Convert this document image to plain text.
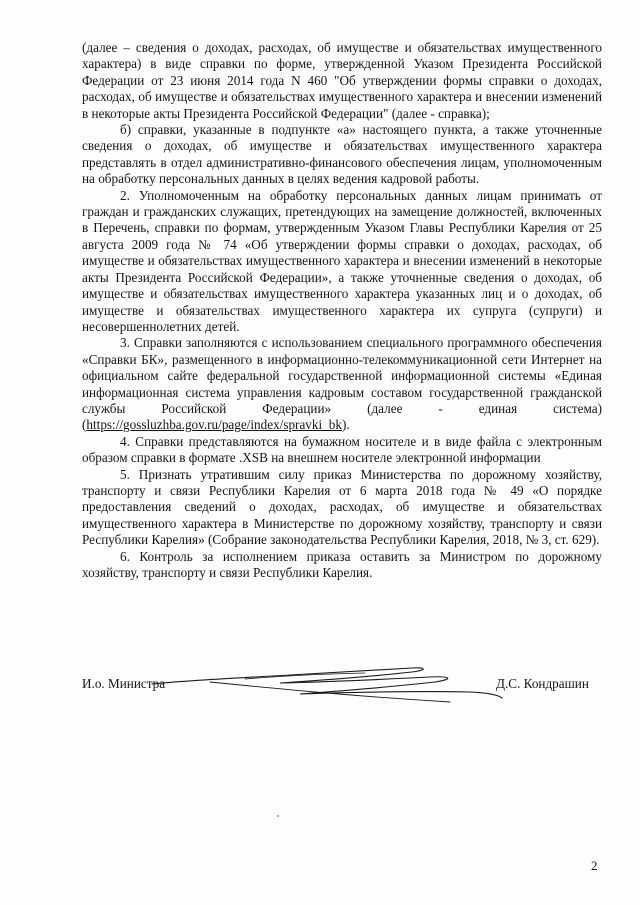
(далее – сведения о доходах, расходах, об имуществе и обязательствах имущественного характера) в виде справки по форме, утвержденной Указом Президента Российской Федерации от 23 июня 2014 года N 460 "Об утверждении формы справки о доходах, расходах, об имуществе и обязательствах имущественного характера и внесении изменений в некоторые акты Президента Российской Федерации" (далее - справка);

б) справки, указанные в подпункте «а» настоящего пункта, а также уточненные сведения о доходах, об имуществе и обязательствах имущественного характера представлять в отдел административно-финансового обеспечения лицам, уполномоченным на обработку персональных данных в целях ведения кадровой работы.

2. Уполномоченным на обработку персональных данных лицам принимать от граждан и гражданских служащих, претендующих на замещение должностей, включенных в Перечень, справки по формам, утвержденным Указом Главы Республики Карелия от 25 августа 2009 года № 74 «Об утверждении формы справки о доходах, расходах, об имуществе и обязательствах имущественного характера и внесении изменений в некоторые акты Президента Российской Федерации», а также уточненные сведения о доходах, об имуществе и обязательствах имущественного характера указанных лиц и о доходах, об имуществе и обязательствах имущественного характера их супруга (супруги) и несовершеннолетних детей.

3. Справки заполняются с использованием специального программного обеспечения «Справки БК», размещенного в информационно-телекоммуникационной сети Интернет на официальном сайте федеральной государственной информационной системы «Единая информационная система управления кадровым составом государственной гражданской службы Российской Федерации» (далее - единая система) (https://gossluzhba.gov.ru/page/index/spravki_bk).

4. Справки представляются на бумажном носителе и в виде файла с электронным образом справки в формате .XSB на внешнем носителе электронной информации

5. Признать утратившим силу приказ Министерства по дорожному хозяйству, транспорту и связи Республики Карелия от 6 марта 2018 года № 49 «О порядке предоставления сведений о доходах, расходах, об имуществе и обязательствах имущественного характера в Министерстве по дорожному хозяйству, транспорту и связи Республики Карелия» (Собрание законодательства Республики Карелия, 2018, № 3, ст. 629).

6. Контроль за исполнением приказа оставить за Министром по дорожному хозяйству, транспорту и связи Республики Карелия.

И.о. Министра	Д.С. Кондрашин
2
